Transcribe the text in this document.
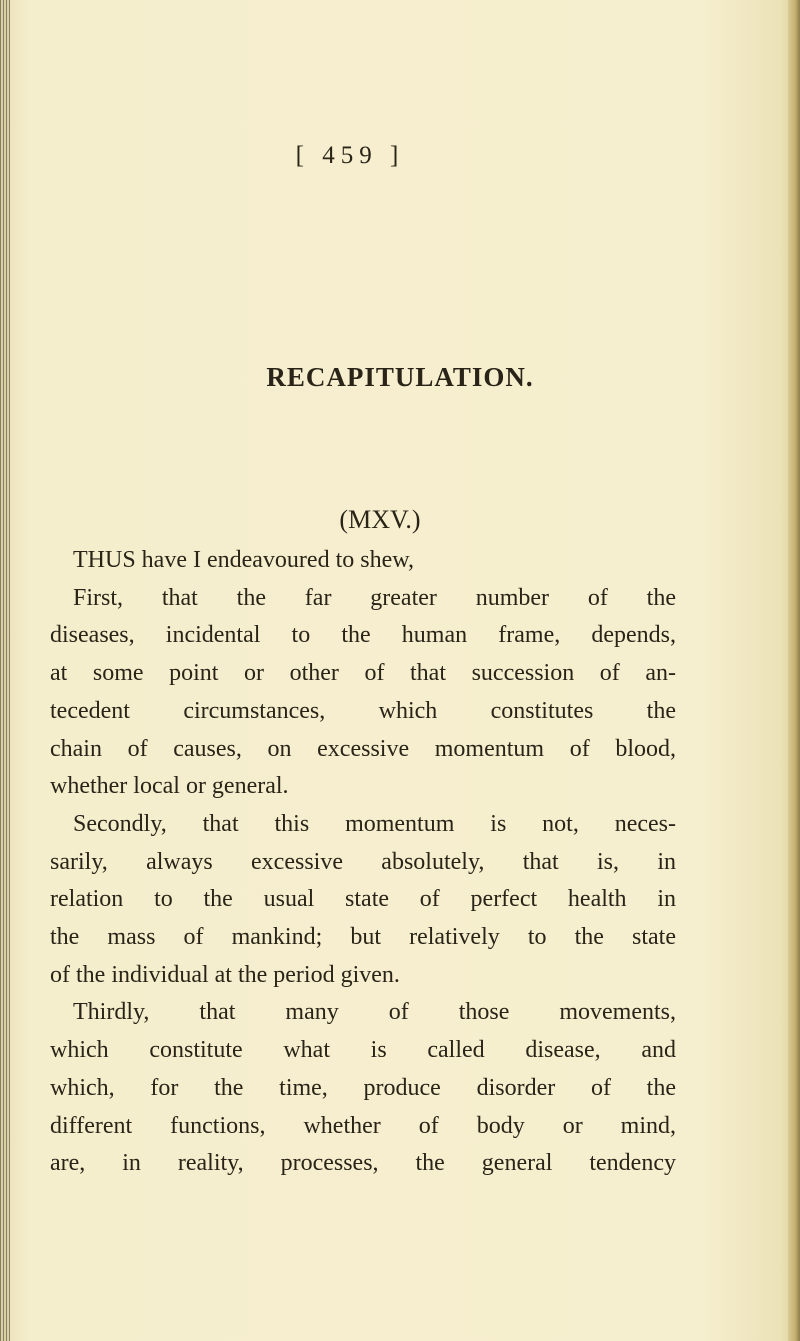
[ 459 ]
RECAPITULATION.
(MXV.)
THUS have I endeavoured to shew,
First, that the far greater number of the
diseases, incidental to the human frame, depends,
at some point or other of that succession of an-
tecedent circumstances, which constitutes the
chain of causes, on excessive momentum of blood,
whether local or general.
Secondly, that this momentum is not, neces-
sarily, always excessive absolutely, that is, in
relation to the usual state of perfect health in
the mass of mankind; but relatively to the state
of the individual at the period given.
Thirdly, that many of those movements,
which constitute what is called disease, and
which, for the time, produce disorder of the
different functions, whether of body or mind,
are, in reality, processes, the general tendency
